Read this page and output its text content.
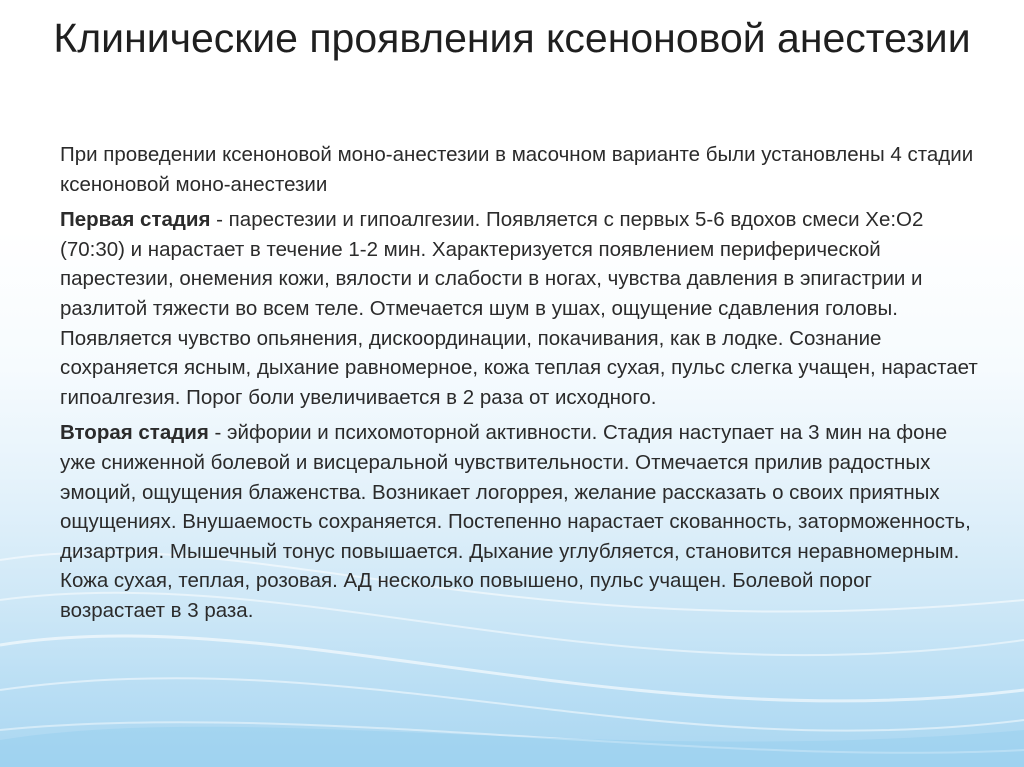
Клинические проявления ксеноновой анестезии

При проведении ксеноновой моно-анестезии в масочном варианте были установлены 4 стадии ксеноновой моно-анестезии

Первая стадия - парестезии и гипоалгезии. Появляется с первых 5-6 вдохов смеси Xe:O2 (70:30) и нарастает в течение 1-2 мин. Характеризуется появлением периферической парестезии, онемения кожи, вялости и слабости в ногах, чувства давления в эпигастрии и разлитой тяжести во всем теле. Отмечается шум в ушах, ощущение сдавления головы. Появляется чувство опьянения, дискоординации, покачивания, как в лодке. Сознание сохраняется ясным, дыхание равномерное, кожа теплая сухая, пульс слегка учащен, нарастает гипоалгезия. Порог боли увеличивается в 2 раза от исходного.

Вторая стадия - эйфории и психомоторной активности. Стадия наступает на 3 мин на фоне уже сниженной болевой и висцеральной чувствительности. Отмечается прилив радостных эмоций, ощущения блаженства. Возникает логоррея, желание рассказать о своих приятных ощущениях. Внушаемость сохраняется. Постепенно нарастает скованность, заторможенность, дизартрия. Мышечный тонус повышается. Дыхание углубляется, становится неравномерным. Кожа сухая, теплая, розовая. АД несколько повышено, пульс учащен. Болевой порог возрастает в 3 раза.
